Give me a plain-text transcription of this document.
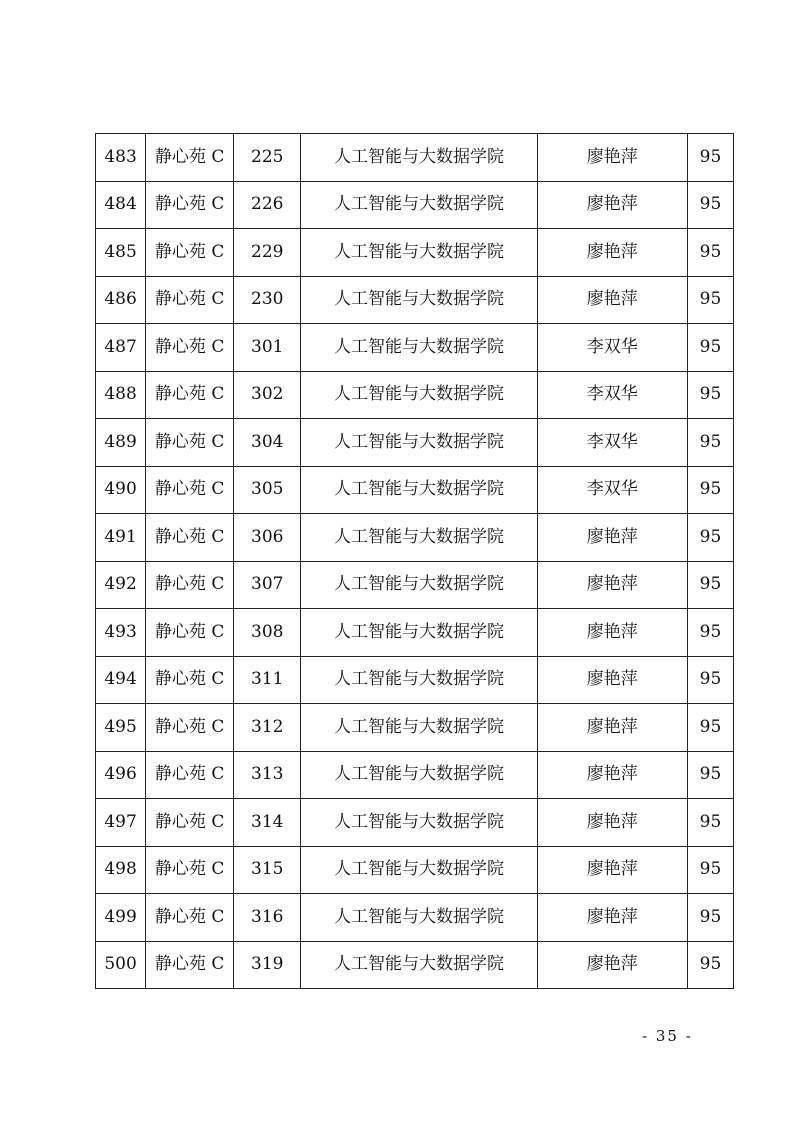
483	静心苑 C	225	人工智能与大数据学院	廖艳萍	95
484	静心苑 C	226	人工智能与大数据学院	廖艳萍	95
485	静心苑 C	229	人工智能与大数据学院	廖艳萍	95
486	静心苑 C	230	人工智能与大数据学院	廖艳萍	95
487	静心苑 C	301	人工智能与大数据学院	李双华	95
488	静心苑 C	302	人工智能与大数据学院	李双华	95
489	静心苑 C	304	人工智能与大数据学院	李双华	95
490	静心苑 C	305	人工智能与大数据学院	李双华	95
491	静心苑 C	306	人工智能与大数据学院	廖艳萍	95
492	静心苑 C	307	人工智能与大数据学院	廖艳萍	95
493	静心苑 C	308	人工智能与大数据学院	廖艳萍	95
494	静心苑 C	311	人工智能与大数据学院	廖艳萍	95
495	静心苑 C	312	人工智能与大数据学院	廖艳萍	95
496	静心苑 C	313	人工智能与大数据学院	廖艳萍	95
497	静心苑 C	314	人工智能与大数据学院	廖艳萍	95
498	静心苑 C	315	人工智能与大数据学院	廖艳萍	95
499	静心苑 C	316	人工智能与大数据学院	廖艳萍	95
500	静心苑 C	319	人工智能与大数据学院	廖艳萍	95
- 35 -
